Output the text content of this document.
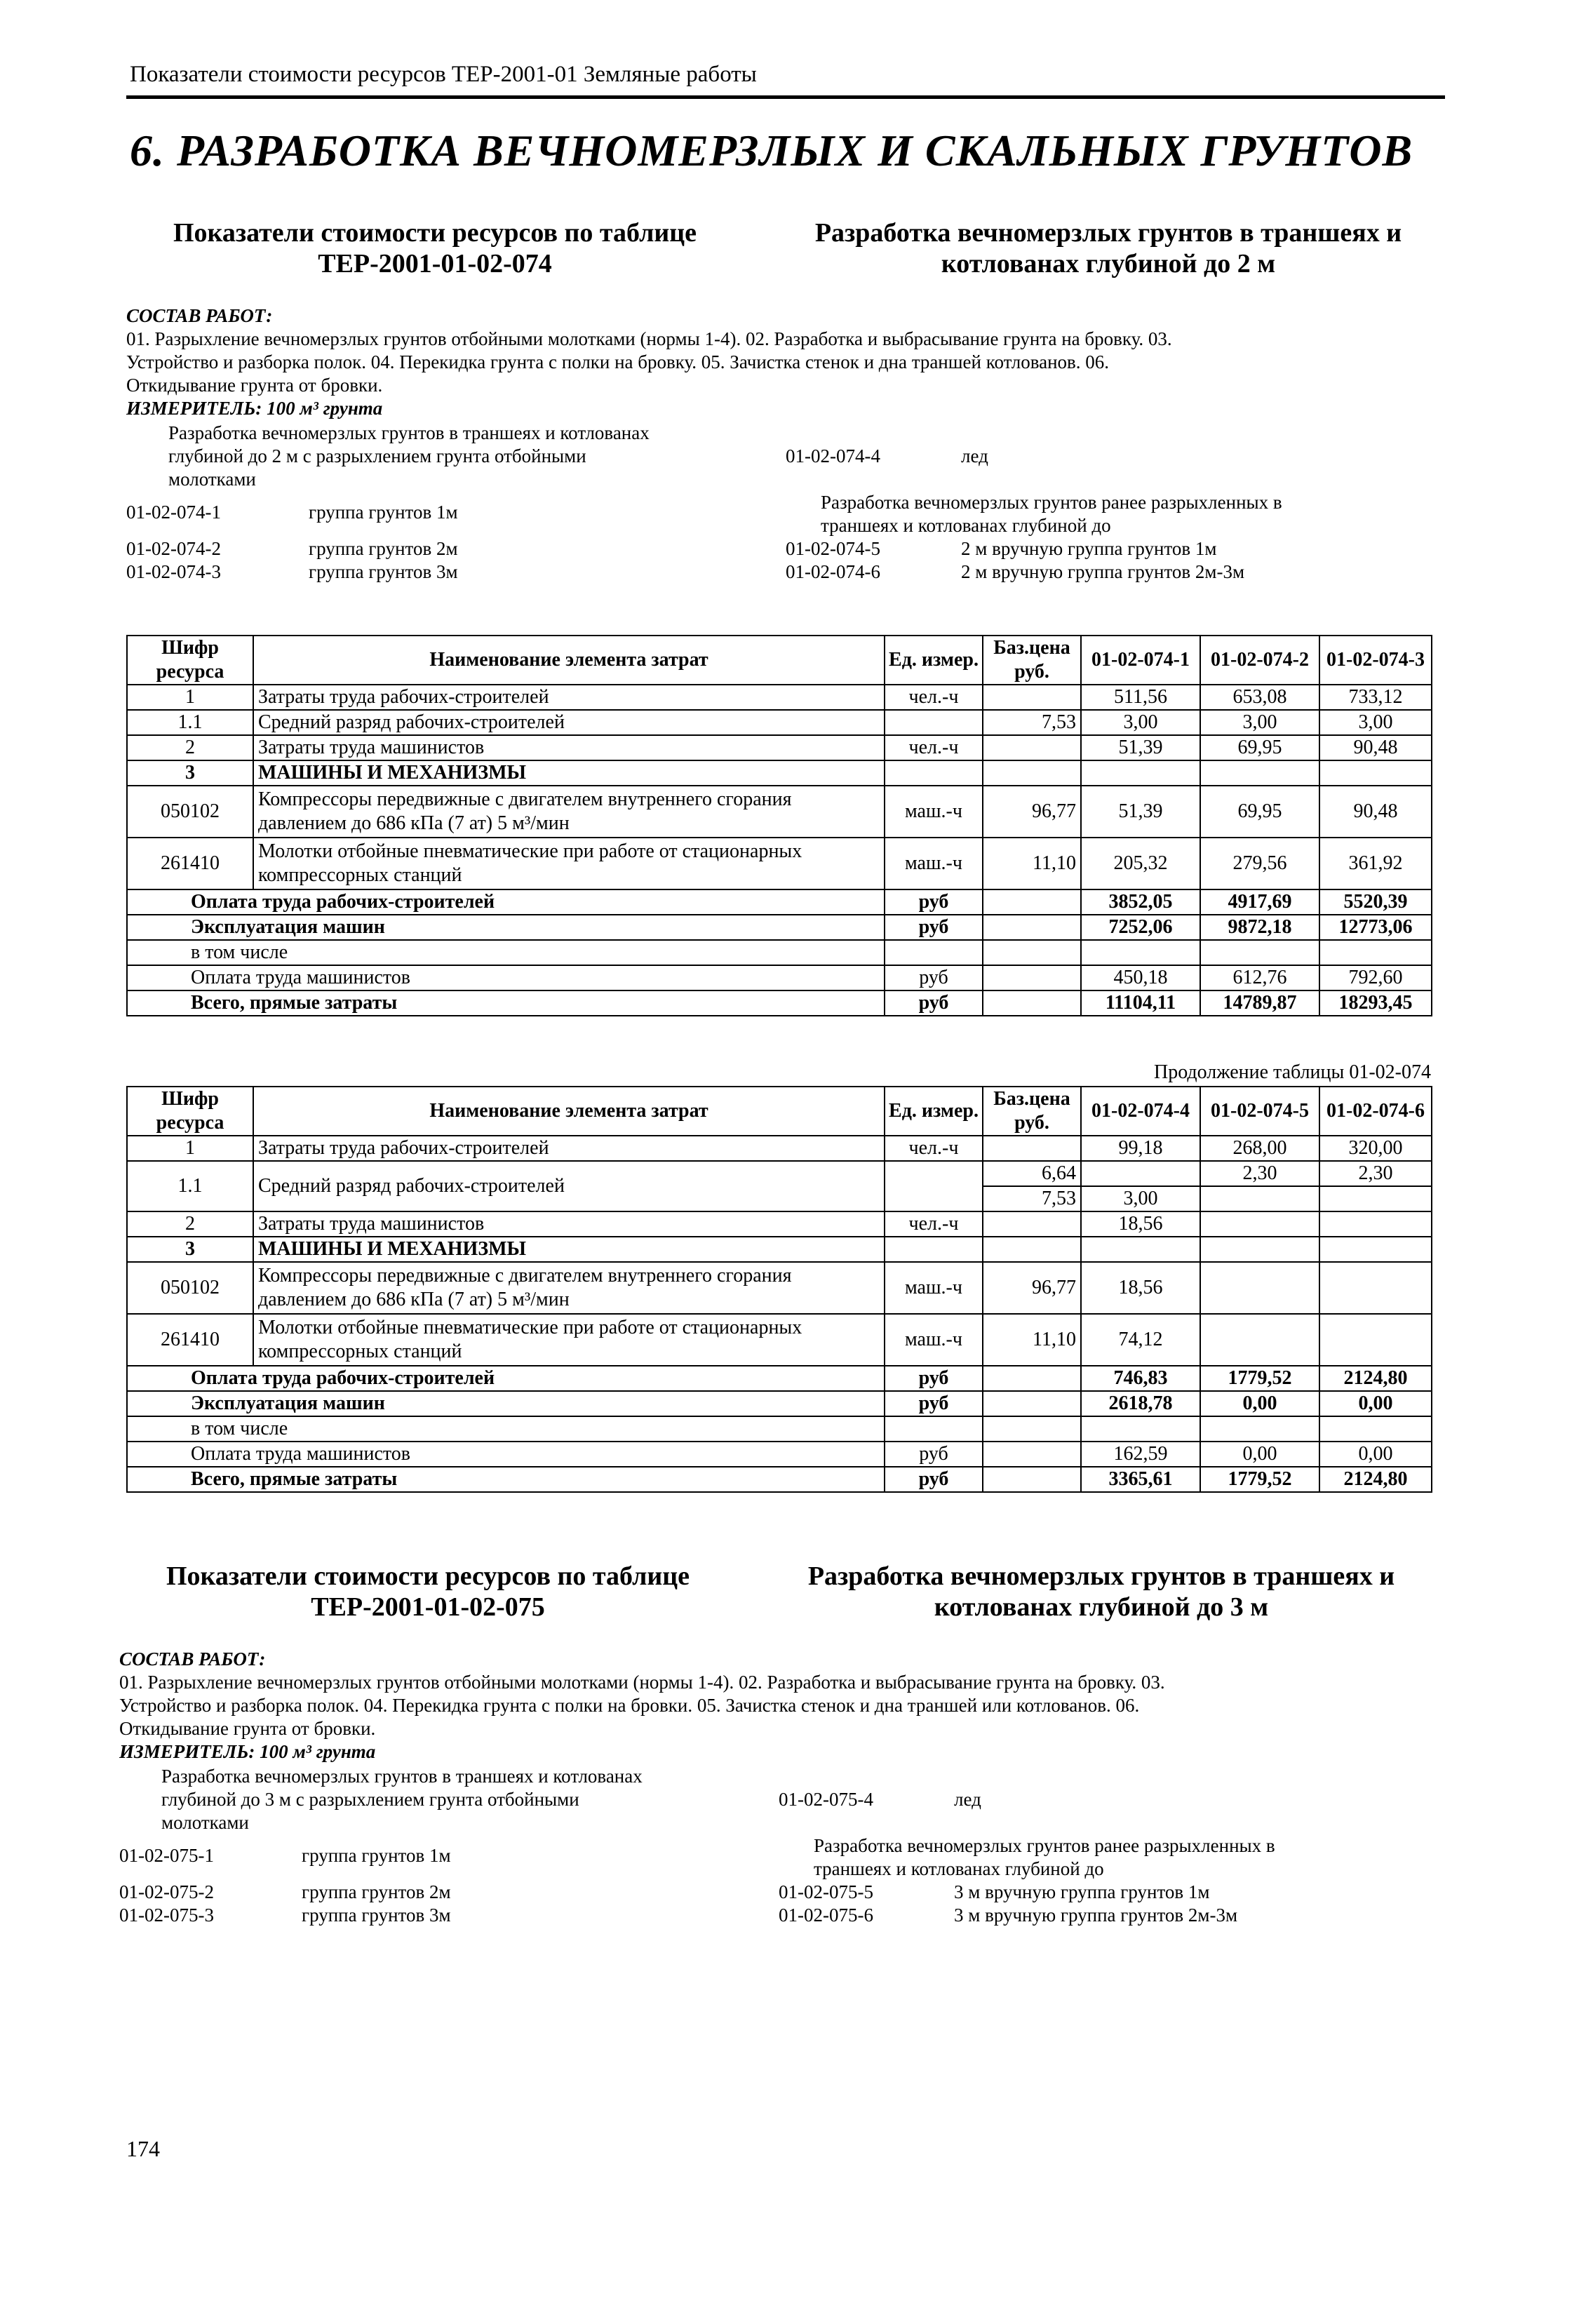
Показатели стоимости ресурсов ТЕР-2001-01 Земляные работы
6. РАЗРАБОТКА ВЕЧНОМЕРЗЛЫХ И СКАЛЬНЫХ ГРУНТОВ
Показатели стоимости ресурсов по таблице
ТЕР-2001-01-02-074
Разработка вечномерзлых грунтов в траншеях и
котлованах глубиной до 2 м
СОСТАВ РАБОТ:
01. Разрыхление вечномерзлых грунтов отбойными молотками (нормы 1-4). 02. Разработка и выбрасывание грунта на бровку. 03.
Устройство и разборка полок. 04. Перекидка грунта с полки на бровку. 05. Зачистка стенок и дна траншей котлованов. 06.
Откидывание грунта от бровки.
ИЗМЕРИТЕЛЬ: 100 м³ грунта
Разработка вечномерзлых грунтов в траншеях и котлованах
глубиной до 2 м с разрыхлением грунта отбойными
молотками
01-02-074-4	лед
01-02-074-1	группа грунтов 1м	Разработка вечномерзлых грунтов ранее разрыхленных в
траншеях и котлованах глубиной до
01-02-074-2	группа грунтов 2м	01-02-074-5	2 м вручную группа грунтов 1м
01-02-074-3	группа грунтов 3м	01-02-074-6	2 м вручную группа грунтов 2м-3м
Шифр ресурса	Наименование элемента затрат	Ед. измер.	Баз.цена руб.	01-02-074-1	01-02-074-2	01-02-074-3
1	Затраты труда рабочих-строителей	чел.-ч		511,56	653,08	733,12
1.1	Средний разряд рабочих-строителей		7,53	3,00	3,00	3,00
2	Затраты труда машинистов	чел.-ч		51,39	69,95	90,48
3	МАШИНЫ И МЕХАНИЗМЫ					
050102	Компрессоры передвижные с двигателем внутреннего сгорания давлением до 686 кПа (7 ат) 5 м³/мин	маш.-ч	96,77	51,39	69,95	90,48
261410	Молотки отбойные пневматические при работе от стационарных компрессорных станций	маш.-ч	11,10	205,32	279,56	361,92
Оплата труда рабочих-строителей		руб		3852,05	4917,69	5520,39
Эксплуатация машин		руб		7252,06	9872,18	12773,06
в том числе						
Оплата труда машинистов		руб		450,18	612,76	792,60
Всего, прямые затраты		руб		11104,11	14789,87	18293,45
Продолжение таблицы 01-02-074
Шифр ресурса	Наименование элемента затрат	Ед. измер.	Баз.цена руб.	01-02-074-4	01-02-074-5	01-02-074-6
1	Затраты труда рабочих-строителей	чел.-ч		99,18	268,00	320,00
1.1	Средний разряд рабочих-строителей		6,64		2,30	2,30
			7,53	3,00		
2	Затраты труда машинистов	чел.-ч		18,56		
3	МАШИНЫ И МЕХАНИЗМЫ					
050102	Компрессоры передвижные с двигателем внутреннего сгорания давлением до 686 кПа (7 ат) 5 м³/мин	маш.-ч	96,77	18,56		
261410	Молотки отбойные пневматические при работе от стационарных компрессорных станций	маш.-ч	11,10	74,12		
Оплата труда рабочих-строителей		руб		746,83	1779,52	2124,80
Эксплуатация машин		руб		2618,78	0,00	0,00
в том числе						
Оплата труда машинистов		руб		162,59	0,00	0,00
Всего, прямые затраты		руб		3365,61	1779,52	2124,80
Показатели стоимости ресурсов по таблице
ТЕР-2001-01-02-075
Разработка вечномерзлых грунтов в траншеях и
котлованах глубиной до 3 м
СОСТАВ РАБОТ:
01. Разрыхление вечномерзлых грунтов отбойными молотками (нормы 1-4). 02. Разработка и выбрасывание грунта на бровку. 03.
Устройство и разборка полок. 04. Перекидка грунта с полки на бровки. 05. Зачистка стенок и дна траншей или котлованов. 06.
Откидывание грунта от бровки.
ИЗМЕРИТЕЛЬ: 100 м³ грунта
Разработка вечномерзлых грунтов в траншеях и котлованах
глубиной до 3 м с разрыхлением грунта отбойными
молотками
01-02-075-4	лед
01-02-075-1	группа грунтов 1м	Разработка вечномерзлых грунтов ранее разрыхленных в
траншеях и котлованах глубиной до
01-02-075-2	группа грунтов 2м	01-02-075-5	3 м вручную группа грунтов 1м
01-02-075-3	группа грунтов 3м	01-02-075-6	3 м вручную группа грунтов 2м-3м
174
